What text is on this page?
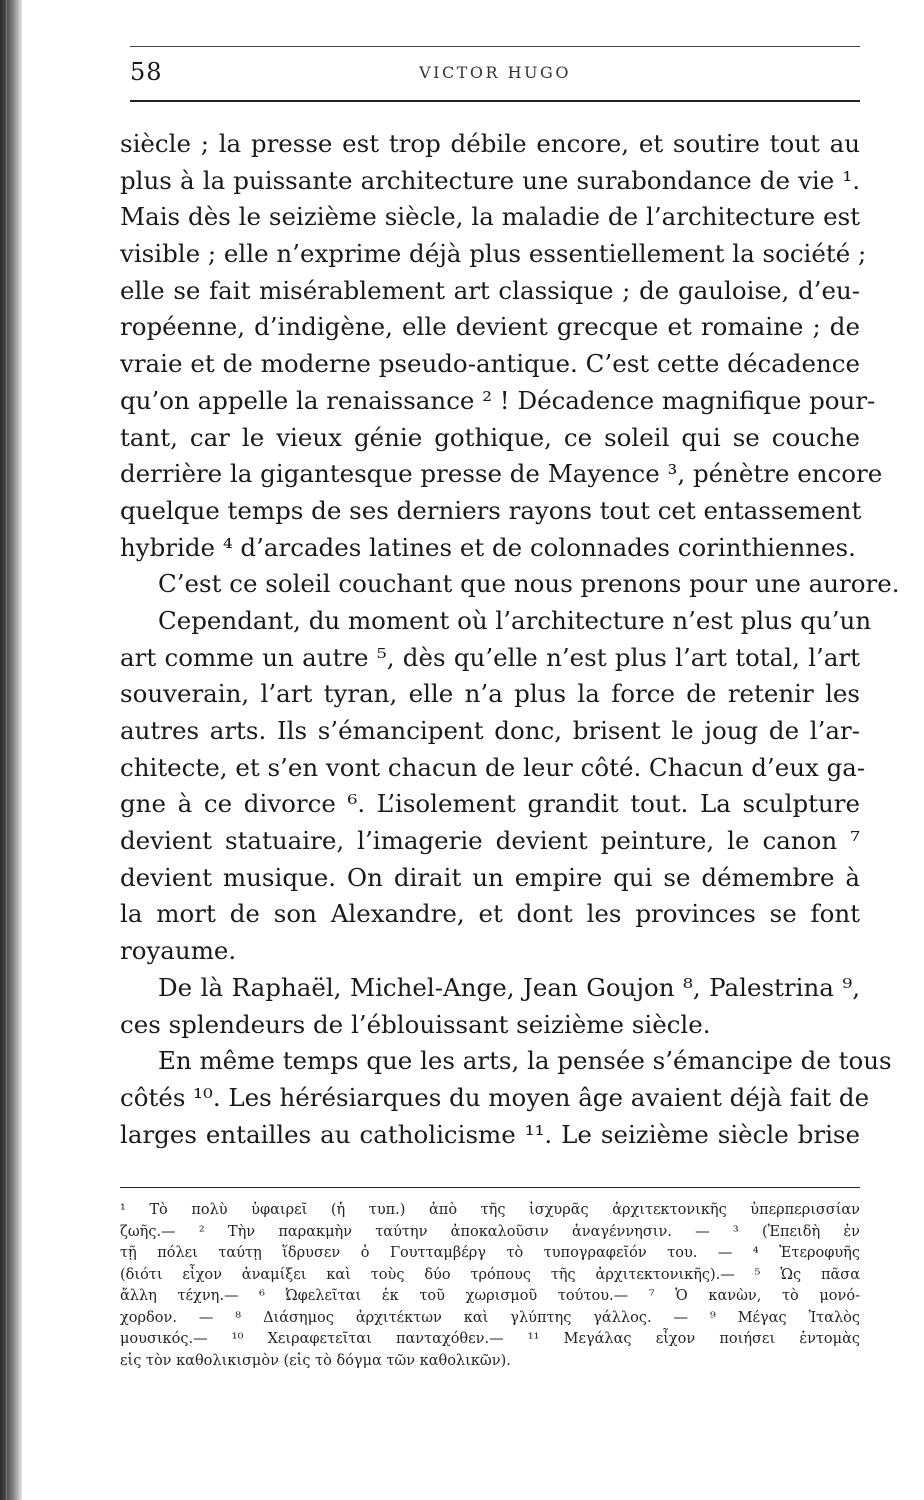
58	VICTOR HUGO
siècle ; la presse est trop débile encore, et soutire tout au
plus à la puissante architecture une surabondance de vie ¹.
Mais dès le seizième siècle, la maladie de l’architecture est
visible ; elle n’exprime déjà plus essentiellement la société ;
elle se fait misérablement art classique ; de gauloise, d’eu-
ropéenne, d’indigène, elle devient grecque et romaine ; de
vraie et de moderne pseudo-antique. C’est cette décadence
qu’on appelle la renaissance ² ! Décadence magnifique pour-
tant, car le vieux génie gothique, ce soleil qui se couche
derrière la gigantesque presse de Mayence ³, pénètre encore
quelque temps de ses derniers rayons tout cet entassement
hybride ⁴ d’arcades latines et de colonnades corinthiennes.
C’est ce soleil couchant que nous prenons pour une aurore.
Cependant, du moment où l’architecture n’est plus qu’un
art comme un autre ⁵, dès qu’elle n’est plus l’art total, l’art
souverain, l’art tyran, elle n’a plus la force de retenir les
autres arts. Ils s’émancipent donc, brisent le joug de l’ar-
chitecte, et s’en vont chacun de leur côté. Chacun d’eux ga-
gne à ce divorce ⁶. L’isolement grandit tout. La sculpture
devient statuaire, l’imagerie devient peinture, le canon ⁷
devient musique. On dirait un empire qui se démembre à
la mort de son Alexandre, et dont les provinces se font
royaume.
De là Raphaël, Michel-Ange, Jean Goujon ⁸, Palestrina ⁹,
ces splendeurs de l’éblouissant seizième siècle.
En même temps que les arts, la pensée s’émancipe de tous
côtés ¹⁰. Les hérésiarques du moyen âge avaient déjà fait de
larges entailles au catholicisme ¹¹. Le seizième siècle brise
¹ Τὸ πολὺ ὑφαιρεῖ (ἡ τυπ.) ἀπὸ τῆς ἰσχυρᾶς ἀρχιτεκτονικῆς ὑπερπερισσίαν
ζωῆς.— ² Τὴν παρακμὴν ταύτην ἀποκαλοῦσιν ἀναγέννησιν. — ³ (Ἐπειδὴ ἐν
τῇ πόλει ταύτῃ ἵδρυσεν ὁ Γουτταμβέργ τὸ τυπογραφεῖόν του. — ⁴ Ἑτεροφυῆς
(διότι εἶχον ἀναμίξει καὶ τοὺς δύο τρόπους τῆς ἀρχιτεκτονικῆς).— ⁵ Ὡς πᾶσα
ἄλλη τέχνη.— ⁶ Ὠφελεῖται ἐκ τοῦ χωρισμοῦ τούτου.— ⁷ Ὁ κανὼν, τὸ μονό-
χορδον. — ⁸ Διάσημος ἀρχιτέκτων καὶ γλύπτης γάλλος. — ⁹ Μέγας Ἰταλὸς
μουσικός.— ¹⁰ Χειραφετεῖται πανταχόθεν.— ¹¹ Μεγάλας εἶχον ποιήσει ἐντομὰς
εἰς τὸν καθολικισμὸν (εἰς τὸ δόγμα τῶν καθολικῶν).
